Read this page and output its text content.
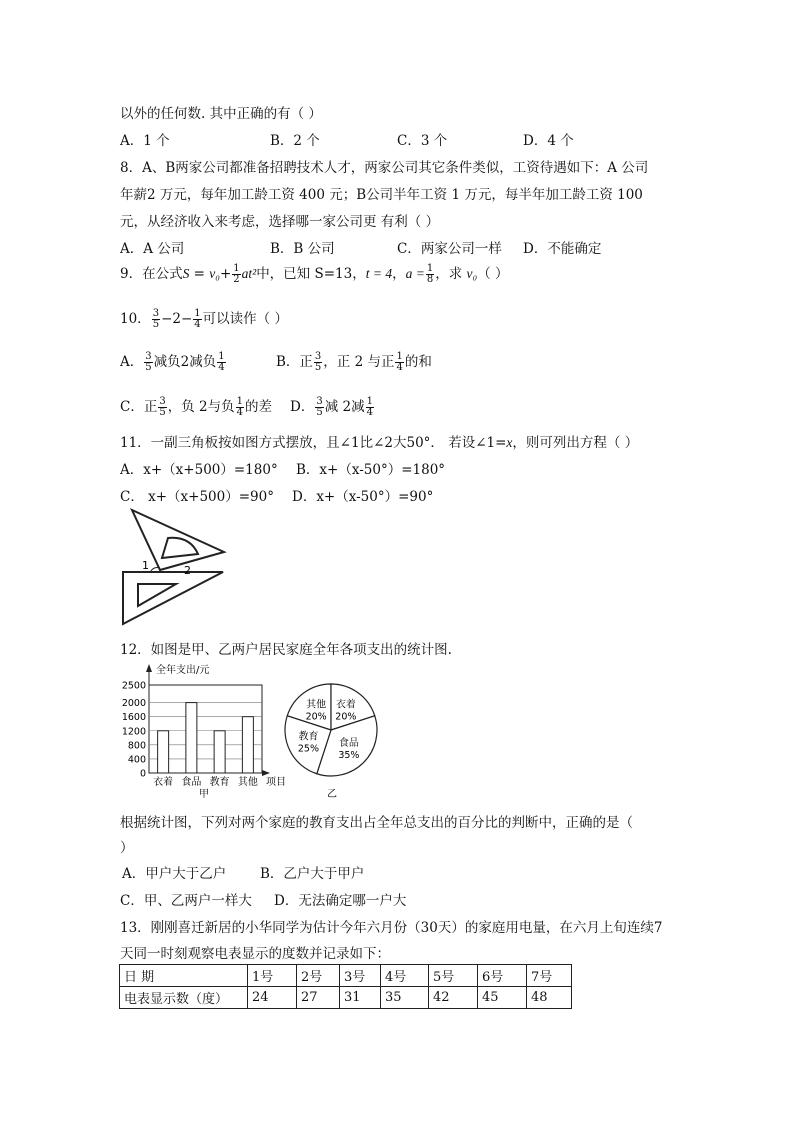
以外的任何数. 其中正确的有（ ）
A．1 个	B．2 个	C．3 个	D．4 个
8．A、B两家公司都准备招聘技术人才，两家公司其它条件类似，工资待遇如下：A 公司
年薪2 万元，每年加工龄工资 400 元；B公司半年工资 1 万元，每半年加工龄工资 100
元，从经济收入来考虑，选择哪一家公司更 有利（ ）
A．A 公司	B．B 公司	C．两家公司一样 D．不能确定
9．在公式$S = v_0+ \frac{1}{2} at^2$中，已知 S=13，t = 4，$a = \frac{1}{8}$ ，求 v₀（ ）
10． $\frac{3}{5} -2- \frac{1}{4}$ 可以读作（ ）
A． $\frac{3}{5}$ 减负2减负 $\frac{1}{4}$	B．正 $\frac{3}{5}$ ，正 2 与正 $\frac{1}{4}$ 的和
C．正 $\frac{3}{5}$ ，负 2与负 $\frac{1}{4}$ 的差 D． $\frac{3}{5}$ 减 2减 $\frac{1}{4}$
11．一副三角板按如图方式摆放，且∠1比∠2大50°． 若设∠1=x，则可列出方程（ ）
A．x+（x+500）=180° B．x+（x-50°）=180°
C． x+（x+500）=90° D．x+（x-50°）=90°
1	2
12．如图是甲、乙两户居民家庭全年各项支出的统计图.
全年支出/元
0
400
800
1200
1600
2000
2500
衣着 食品 教育 其他 项目
甲
其他
20%
衣着
20%
食品
35%
教育
25%
乙
根据统计图，下列对两个家庭的教育支出占全年总支出的百分比的判断中，正确的是（
）
A．甲户大于乙户	B．乙户大于甲户
C．甲、乙两户一样大 D．无法确定哪一户大
13．刚刚喜迁新居的小华同学为估计今年六月份（30天）的家庭用电量，在六月上旬连续7
天同一时刻观察电表显示的度数并记录如下：
日 期	1号	2号	3号	4号	5号	6号	7号
电表显示数（度）	24	27	31	35	42	45	48
